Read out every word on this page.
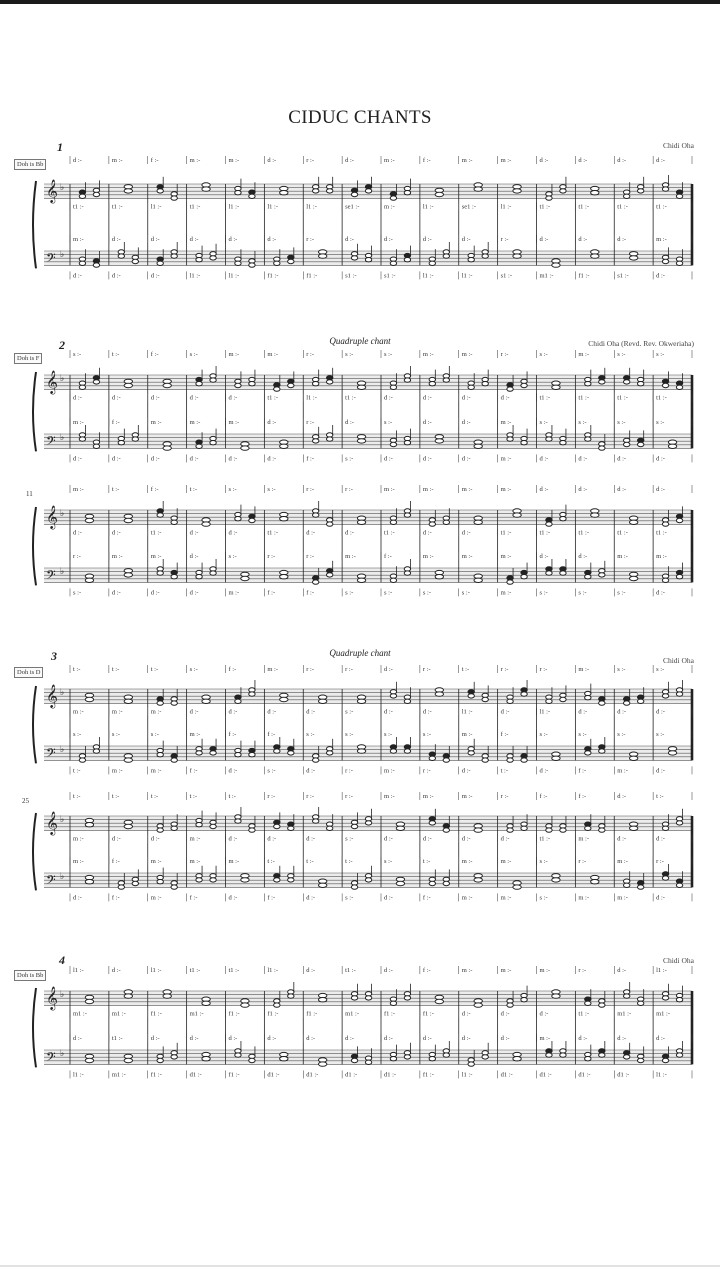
CIDUC CHANTS
1	Chidi Oha
Doh is Bb
𝄞 ♭
𝄢 ♭
d :-
t1 :-
m :-
d :-
m :-
t1 :-
d :-
d :-
f :-
l1 :-
d :-
d :-
m :-
t1 :-
d :-
l1 :-
m :-
l1 :-
d :-
l1 :-
d :-
l1 :-
d :-
f1 :-
r :-
l1 :-
r :-
f1 :-
d :-
se1 :-
d :-
s1 :-
m :-
m :-
d :-
s1 :-
f :-
l1 :-
d :-
l1 :-
m :-
se1 :-
d :-
l1 :-
m :-
l1 :-
r :-
s1 :-
d :-
t1 :-
d :-
m1 :-
d :-
t1 :-
d :-
f1 :-
d :-
t1 :-
d :-
s1 :-
d :-
t1 :-
m :-
d :-
2	Quadruple chant	Chidi Oha (Revd. Rev. Okweriaha)
Doh is F
11
𝄞 ♭
𝄢 ♭
s :-
d :-
m :-
d :-
t :-
d :-
f :-
d :-
f :-
d :-
m :-
d :-
s :-
d :-
m :-
d :-
m :-
d :-
m :-
d :-
m :-
t1 :-
d :-
d :-
r :-
l1 :-
r :-
f :-
s :-
t1 :-
d :-
s :-
s :-
d :-
s :-
d :-
m :-
d :-
d :-
d :-
m :-
d :-
d :-
d :-
r :-
d :-
m :-
m :-
s :-
t1 :-
s :-
d :-
m :-
t1 :-
s :-
d :-
s :-
t1 :-
s :-
d :-
s :-
t1 :-
s :-
d :-
𝄞 ♭
𝄢 ♭
m :-
d :-
r :-
s :-
t :-
d :-
m :-
d :-
f :-
t1 :-
m :-
d :-
t :-
d :-
d :-
d :-
s :-
d :-
s :-
m :-
s :-
t1 :-
r :-
f :-
r :-
d :-
r :-
f :-
r :-
d :-
m :-
s :-
m :-
t1 :-
f :-
s :-
m :-
d :-
m :-
s :-
m :-
d :-
m :-
s :-
m :-
t1 :-
m :-
m :-
d :-
t1 :-
d :-
s :-
d :-
t1 :-
d :-
s :-
d :-
t1 :-
m :-
s :-
d :-
t1 :-
m :-
d :-
3	Quadruple chant
Chidi Oha
Doh is D
25
𝄞 ♭
𝄢 ♭
t :-
m :-
s :-
t :-
t :-
m :-
s :-
m :-
t :-
m :-
s :-
m :-
s :-
d :-
m :-
f :-
f :-
d :-
f :-
d :-
m :-
d :-
f :-
s :-
r :-
d :-
s :-
d :-
r :-
s :-
s :-
r :-
d :-
d :-
s :-
m :-
r :-
d :-
s :-
r :-
t :-
l1 :-
m :-
d :-
r :-
d :-
f :-
t :-
r :-
l1 :-
s :-
d :-
m :-
d :-
s :-
f :-
s :-
d :-
s :-
m :-
s :-
d :-
s :-
d :-
𝄞 ♭
𝄢 ♭
t :-
m :-
m :-
d :-
t :-
d :-
f :-
f :-
t :-
d :-
m :-
m :-
t :-
m :-
m :-
f :-
t :-
d :-
m :-
d :-
r :-
d :-
t :-
f :-
r :-
d :-
t :-
d :-
r :-
s :-
t :-
s :-
m :-
d :-
s :-
d :-
m :-
d :-
t :-
f :-
m :-
d :-
m :-
m :-
r :-
d :-
m :-
m :-
f :-
t1 :-
s :-
s :-
f :-
m :-
r :-
m :-
d :-
d :-
m :-
m :-
t :-
d :-
r :-
d :-
4	Chidi Oha
Doh is Bb
𝄞 ♭
𝄢 ♭
l1 :-
m1 :-
d :-
l1 :-
d :-
m1 :-
t1 :-
m1 :-
l1 :-
f1 :-
d :-
f1 :-
t1 :-
m1 :-
d :-
d1 :-
t1 :-
f1 :-
d :-
f1 :-
l1 :-
f1 :-
d :-
d1 :-
d :-
f1 :-
d :-
d1 :-
t1 :-
m1 :-
d :-
d1 :-
d :-
f1 :-
d :-
d1 :-
f :-
f1 :-
d :-
f1 :-
m :-
d :-
d :-
l1 :-
m :-
d :-
d :-
d1 :-
m :-
d :-
m :-
d1 :-
r :-
t1 :-
d :-
d1 :-
d :-
m1 :-
d :-
d1 :-
l1 :-
m1 :-
d :-
l1 :-
